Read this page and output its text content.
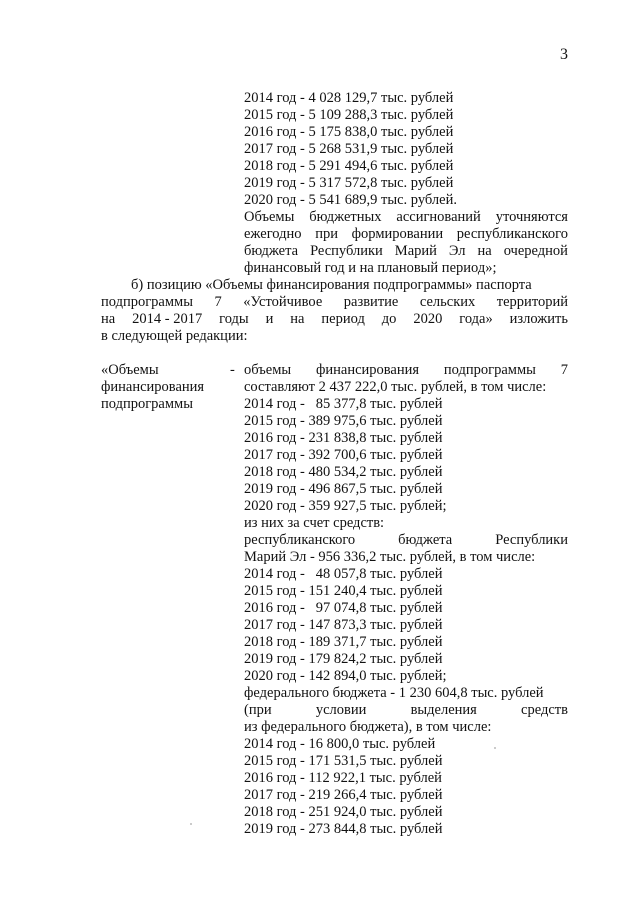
3
2014 год - 4 028 129,7 тыс. рублей
2015 год - 5 109 288,3 тыс. рублей
2016 год - 5 175 838,0 тыс. рублей
2017 год - 5 268 531,9 тыс. рублей
2018 год - 5 291 494,6 тыс. рублей
2019 год - 5 317 572,8 тыс. рублей
2020 год - 5 541 689,9 тыс. рублей.
Объемы бюджетных ассигнований уточняются
ежегодно при формировании республиканского
бюджета Республики Марий Эл на очередной
финансовый год и на плановый период»;
б) позицию «Объемы финансирования подпрограммы» паспорта
подпрограммы 7 «Устойчивое развитие сельских территорий
на 2014 - 2017 годы и на период до 2020 года» изложить
в следующей редакции:
«Объемы
финансирования
подпрограммы
- объемы финансирования подпрограммы 7
составляют 2 437 222,0 тыс. рублей, в том числе:
2014 год -   85 377,8 тыс. рублей
2015 год - 389 975,6 тыс. рублей
2016 год - 231 838,8 тыс. рублей
2017 год - 392 700,6 тыс. рублей
2018 год - 480 534,2 тыс. рублей
2019 год - 496 867,5 тыс. рублей
2020 год - 359 927,5 тыс. рублей;
из них за счет средств:
республиканского	бюджета	Республики
Марий Эл - 956 336,2 тыс. рублей, в том числе:
2014 год -   48 057,8 тыс. рублей
2015 год - 151 240,4 тыс. рублей
2016 год -   97 074,8 тыс. рублей
2017 год - 147 873,3 тыс. рублей
2018 год - 189 371,7 тыс. рублей
2019 год - 179 824,2 тыс. рублей
2020 год - 142 894,0 тыс. рублей;
федерального бюджета - 1 230 604,8 тыс. рублей
(при	условии	выделения	средств
из федерального бюджета), в том числе:
2014 год - 16 800,0 тыс. рублей
2015 год - 171 531,5 тыс. рублей
2016 год - 112 922,1 тыс. рублей
2017 год - 219 266,4 тыс. рублей
2018 год - 251 924,0 тыс. рублей
2019 год - 273 844,8 тыс. рублей
